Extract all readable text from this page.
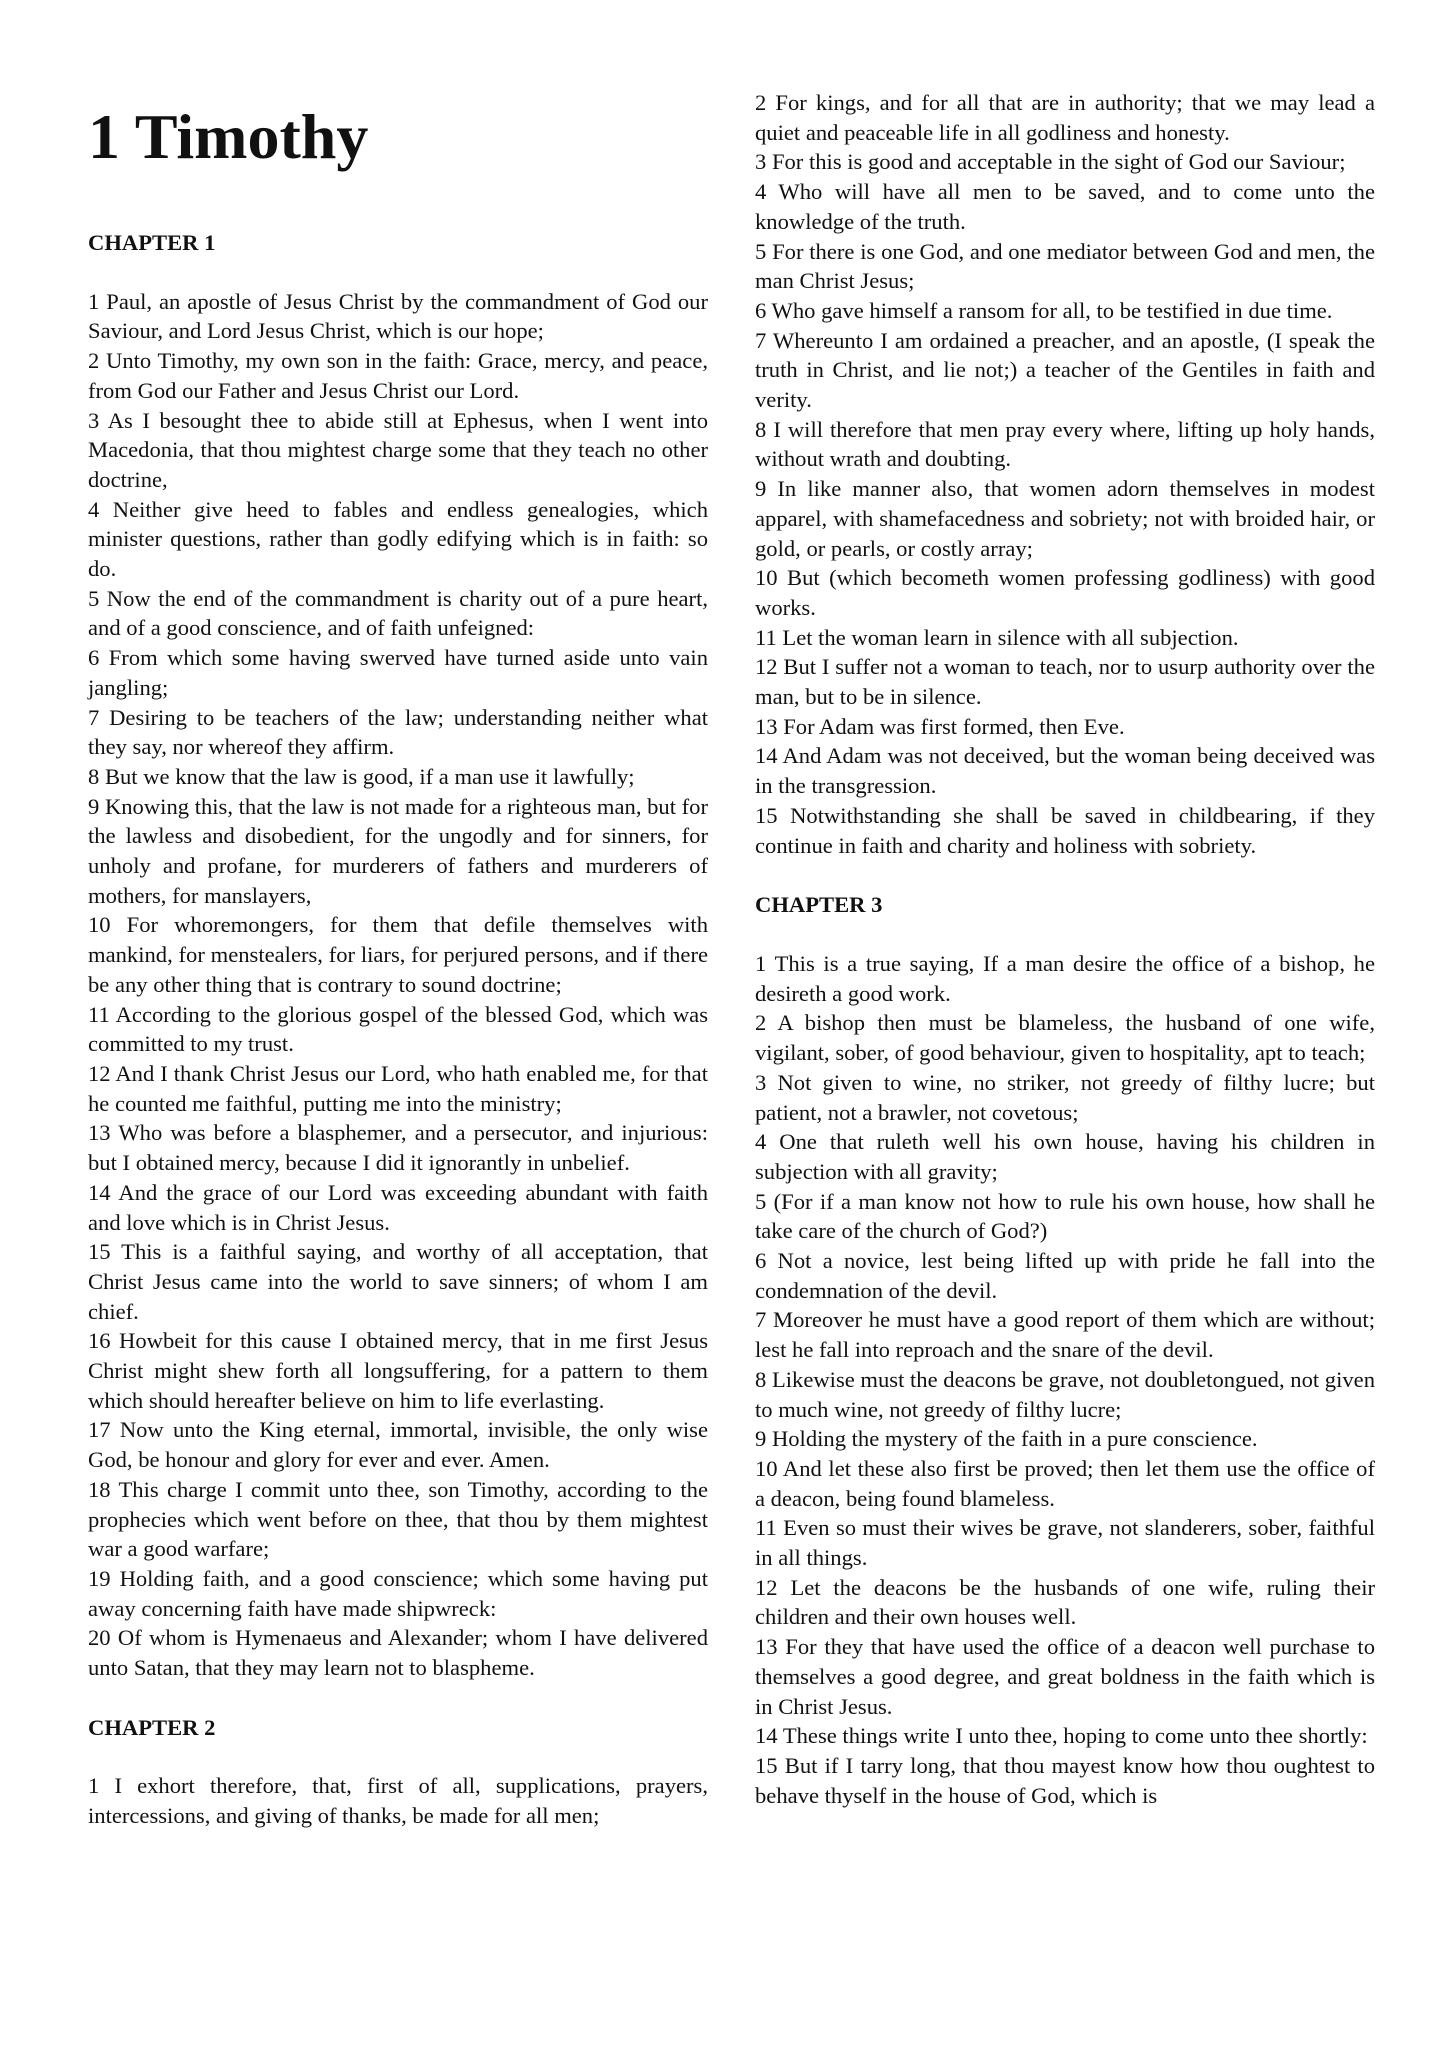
1 Timothy
CHAPTER 1
1 Paul, an apostle of Jesus Christ by the commandment of God our Saviour, and Lord Jesus Christ, which is our hope;
2 Unto Timothy, my own son in the faith: Grace, mercy, and peace, from God our Father and Jesus Christ our Lord.
3 As I besought thee to abide still at Ephesus, when I went into Macedonia, that thou mightest charge some that they teach no other doctrine,
4 Neither give heed to fables and endless genealogies, which minister questions, rather than godly edifying which is in faith: so do.
5 Now the end of the commandment is charity out of a pure heart, and of a good conscience, and of faith unfeigned:
6 From which some having swerved have turned aside unto vain jangling;
7 Desiring to be teachers of the law; understanding neither what they say, nor whereof they affirm.
8 But we know that the law is good, if a man use it lawfully;
9 Knowing this, that the law is not made for a righteous man, but for the lawless and disobedient, for the ungodly and for sinners, for unholy and profane, for murderers of fathers and murderers of mothers, for manslayers,
10 For whoremongers, for them that defile themselves with mankind, for menstealers, for liars, for perjured persons, and if there be any other thing that is contrary to sound doctrine;
11 According to the glorious gospel of the blessed God, which was committed to my trust.
12 And I thank Christ Jesus our Lord, who hath enabled me, for that he counted me faithful, putting me into the ministry;
13 Who was before a blasphemer, and a persecutor, and injurious: but I obtained mercy, because I did it ignorantly in unbelief.
14 And the grace of our Lord was exceeding abundant with faith and love which is in Christ Jesus.
15 This is a faithful saying, and worthy of all acceptation, that Christ Jesus came into the world to save sinners; of whom I am chief.
16 Howbeit for this cause I obtained mercy, that in me first Jesus Christ might shew forth all longsuffering, for a pattern to them which should hereafter believe on him to life everlasting.
17 Now unto the King eternal, immortal, invisible, the only wise God, be honour and glory for ever and ever. Amen.
18 This charge I commit unto thee, son Timothy, according to the prophecies which went before on thee, that thou by them mightest war a good warfare;
19 Holding faith, and a good conscience; which some having put away concerning faith have made shipwreck:
20 Of whom is Hymenaeus and Alexander; whom I have delivered unto Satan, that they may learn not to blaspheme.
CHAPTER 2
1 I exhort therefore, that, first of all, supplications, prayers, intercessions, and giving of thanks, be made for all men;
2 For kings, and for all that are in authority; that we may lead a quiet and peaceable life in all godliness and honesty.
3 For this is good and acceptable in the sight of God our Saviour;
4 Who will have all men to be saved, and to come unto the knowledge of the truth.
5 For there is one God, and one mediator between God and men, the man Christ Jesus;
6 Who gave himself a ransom for all, to be testified in due time.
7 Whereunto I am ordained a preacher, and an apostle, (I speak the truth in Christ, and lie not;) a teacher of the Gentiles in faith and verity.
8 I will therefore that men pray every where, lifting up holy hands, without wrath and doubting.
9 In like manner also, that women adorn themselves in modest apparel, with shamefacedness and sobriety; not with broided hair, or gold, or pearls, or costly array;
10 But (which becometh women professing godliness) with good works.
11 Let the woman learn in silence with all subjection.
12 But I suffer not a woman to teach, nor to usurp authority over the man, but to be in silence.
13 For Adam was first formed, then Eve.
14 And Adam was not deceived, but the woman being deceived was in the transgression.
15 Notwithstanding she shall be saved in childbearing, if they continue in faith and charity and holiness with sobriety.
CHAPTER 3
1 This is a true saying, If a man desire the office of a bishop, he desireth a good work.
2 A bishop then must be blameless, the husband of one wife, vigilant, sober, of good behaviour, given to hospitality, apt to teach;
3 Not given to wine, no striker, not greedy of filthy lucre; but patient, not a brawler, not covetous;
4 One that ruleth well his own house, having his children in subjection with all gravity;
5 (For if a man know not how to rule his own house, how shall he take care of the church of God?)
6 Not a novice, lest being lifted up with pride he fall into the condemnation of the devil.
7 Moreover he must have a good report of them which are without; lest he fall into reproach and the snare of the devil.
8 Likewise must the deacons be grave, not doubletongued, not given to much wine, not greedy of filthy lucre;
9 Holding the mystery of the faith in a pure conscience.
10 And let these also first be proved; then let them use the office of a deacon, being found blameless.
11 Even so must their wives be grave, not slanderers, sober, faithful in all things.
12 Let the deacons be the husbands of one wife, ruling their children and their own houses well.
13 For they that have used the office of a deacon well purchase to themselves a good degree, and great boldness in the faith which is in Christ Jesus.
14 These things write I unto thee, hoping to come unto thee shortly:
15 But if I tarry long, that thou mayest know how thou oughtest to behave thyself in the house of God, which is
